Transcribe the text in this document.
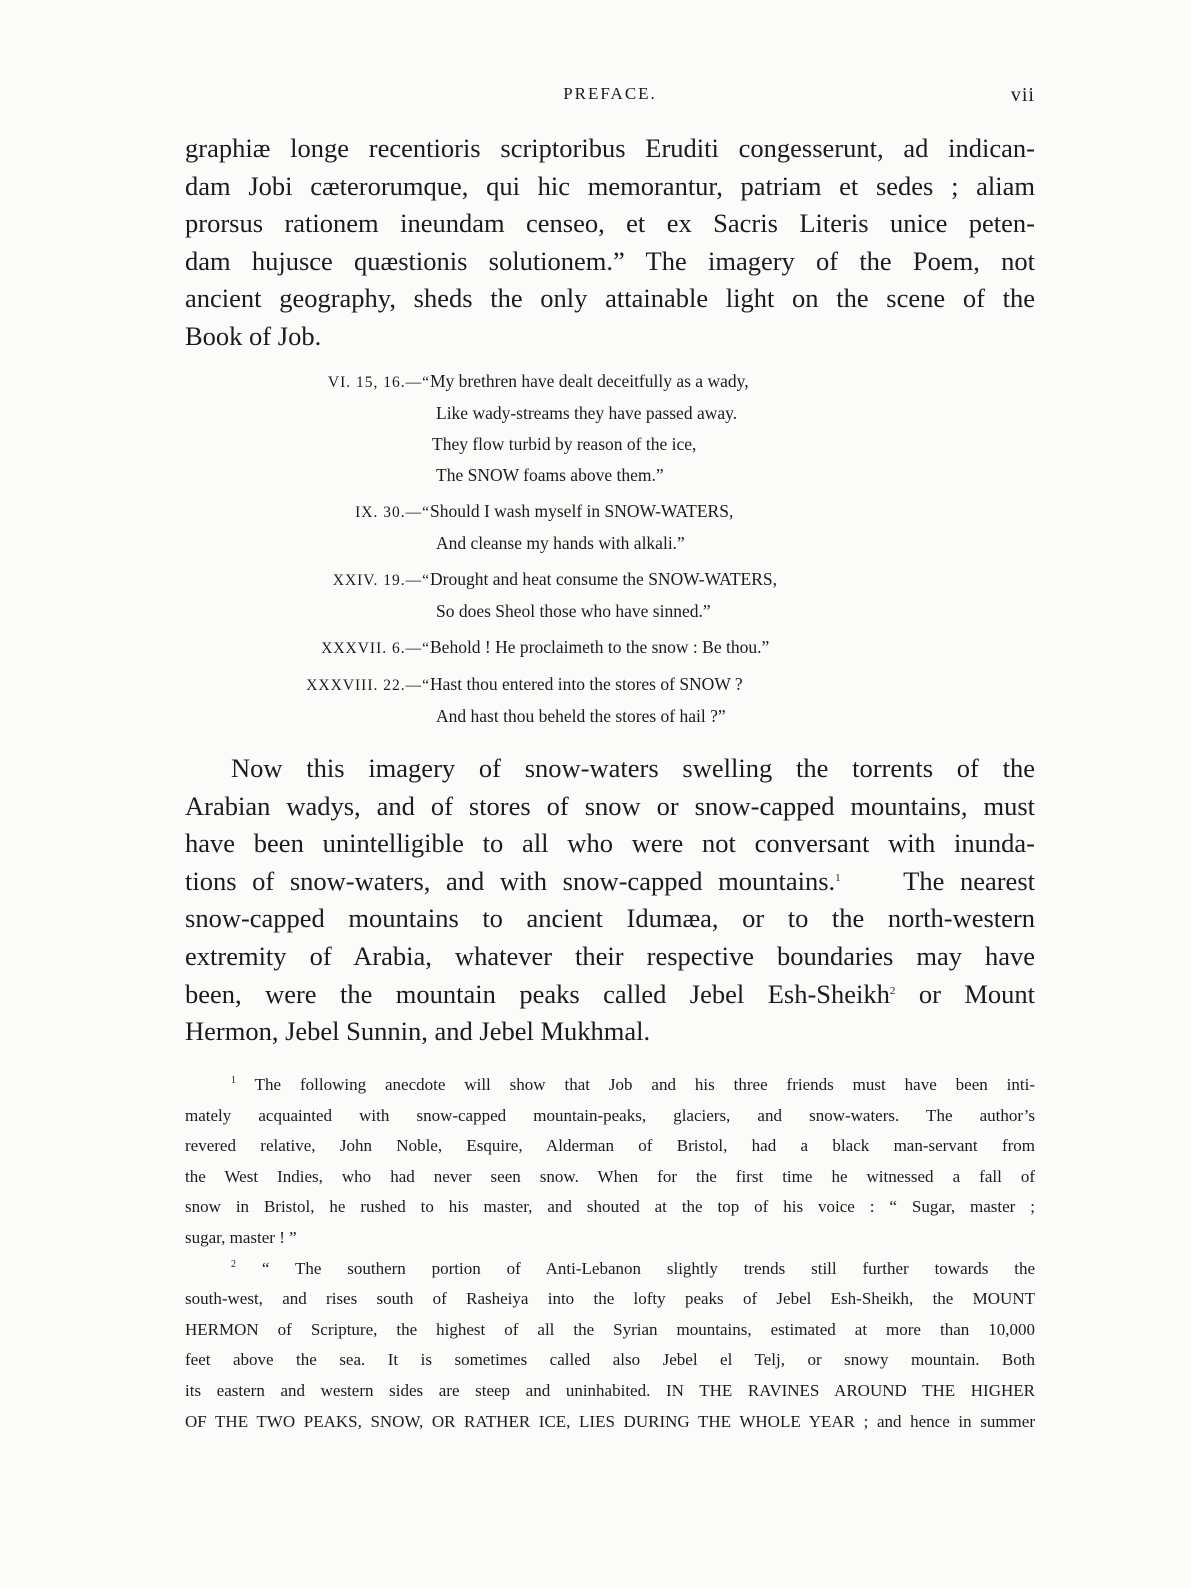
PREFACE.	vii
graphiæ longe recentioris scriptoribus Eruditi congesserunt, ad indican-
dam Jobi cæterorumque, qui hic memorantur, patriam et sedes ; aliam
prorsus rationem ineundam censeo, et ex Sacris Literis unice peten-
dam hujusce quæstionis solutionem.” The imagery of the Poem, not
ancient geography, sheds the only attainable light on the scene of the
Book of Job.
VI. 15, 16.—“My brethren have dealt deceitfully as a wady,
Like wady-streams they have passed away.
They flow turbid by reason of the ice,
The SNOW foams above them.”
IX. 30.—“Should I wash myself in SNOW-WATERS,
And cleanse my hands with alkali.”
XXIV. 19.—“Drought and heat consume the SNOW-WATERS,
So does Sheol those who have sinned.”
XXXVII. 6.—“Behold ! He proclaimeth to the snow : Be thou.”
XXXVIII. 22.—“Hast thou entered into the stores of SNOW ?
And hast thou beheld the stores of hail ?”
Now this imagery of snow-waters swelling the torrents of the
Arabian wadys, and of stores of snow or snow-capped mountains, must
have been unintelligible to all who were not conversant with inunda-
tions of snow-waters, and with snow-capped mountains.$^1$ The nearest
snow-capped mountains to ancient Idumæa, or to the north-western
extremity of Arabia, whatever their respective boundaries may have
been, were the mountain peaks called Jebel Esh-Sheikh$^2$ or Mount
Hermon, Jebel Sunnin, and Jebel Mukhmal.
$^1$ The following anecdote will show that Job and his three friends must have been inti-
mately acquainted with snow-capped mountain-peaks, glaciers, and snow-waters. The author’s
revered relative, John Noble, Esquire, Alderman of Bristol, had a black man-servant from
the West Indies, who had never seen snow. When for the first time he witnessed a fall of
snow in Bristol, he rushed to his master, and shouted at the top of his voice : “ Sugar, master ;
sugar, master ! ”
$^2$ “ The southern portion of Anti-Lebanon slightly trends still further towards the
south-west, and rises south of Rasheiya into the lofty peaks of Jebel Esh-Sheikh, the MOUNT
HERMON of Scripture, the highest of all the Syrian mountains, estimated at more than 10,000
feet above the sea. It is sometimes called also Jebel el Telj, or snowy mountain. Both
its eastern and western sides are steep and uninhabited. IN THE RAVINES AROUND THE HIGHER
OF THE TWO PEAKS, SNOW, OR RATHER ICE, LIES DURING THE WHOLE YEAR ; and hence in summer
